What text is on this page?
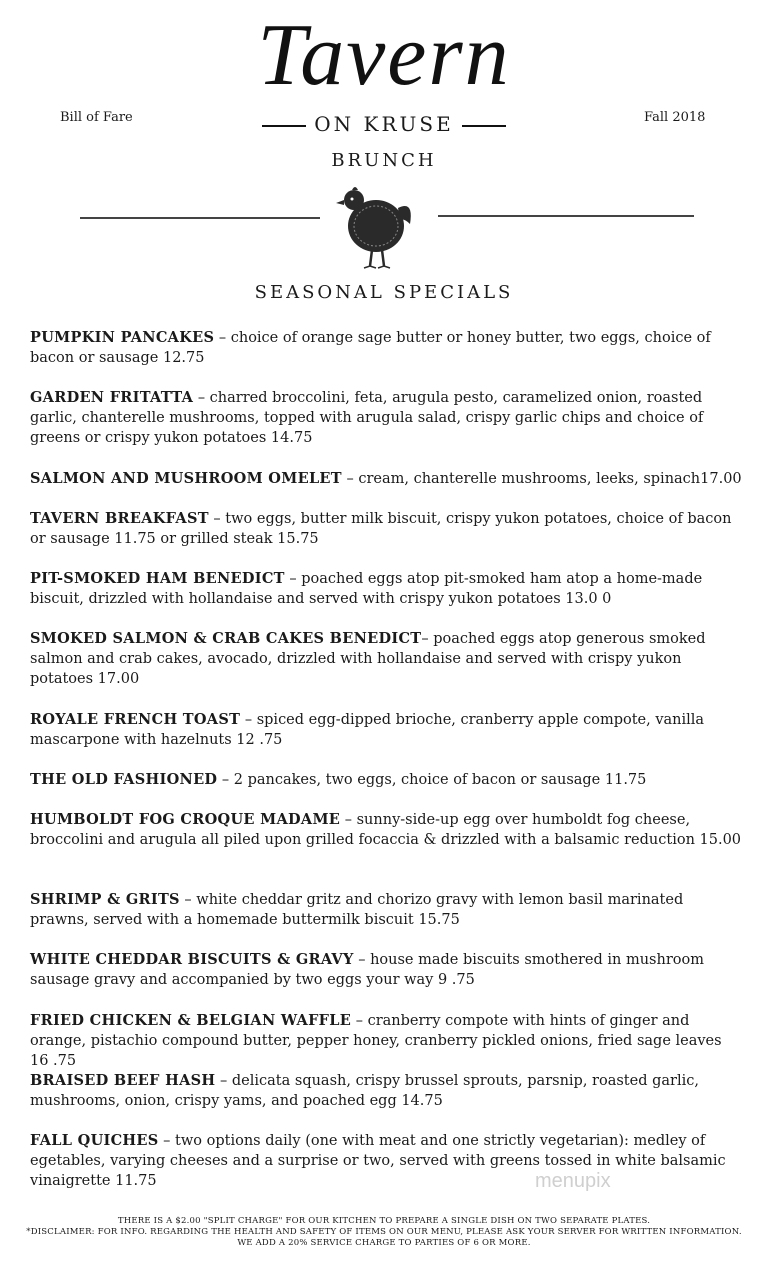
Tavern
ON KRUSE
Bill of Fare	Fall 2018
BRUNCH
SEASONAL SPECIALS
PUMPKIN PANCAKES – choice of orange sage butter or honey butter, two eggs, choice of bacon or sausage 12.75
GARDEN FRITATTA – charred broccolini, feta, arugula pesto, caramelized onion, roasted garlic, chanterelle mushrooms, topped with arugula salad, crispy garlic chips and choice of greens or crispy yukon potatoes 14.75
SALMON AND MUSHROOM OMELET – cream, chanterelle mushrooms, leeks, spinach17.00
TAVERN BREAKFAST – two eggs, butter milk biscuit, crispy yukon potatoes, choice of bacon or sausage 11.75 or grilled steak 15.75
PIT-SMOKED HAM BENEDICT – poached eggs atop pit-smoked ham atop a home-made biscuit, drizzled with hollandaise and served with crispy yukon potatoes 13.0 0
SMOKED SALMON & CRAB CAKES BENEDICT– poached eggs atop generous smoked salmon and crab cakes, avocado, drizzled with hollandaise and served with crispy yukon potatoes 17.00
ROYALE FRENCH TOAST – spiced egg-dipped brioche, cranberry apple compote, vanilla mascarpone with hazelnuts 12 .75
THE OLD FASHIONED – 2 pancakes, two eggs, choice of bacon or sausage 11.75
HUMBOLDT FOG CROQUE MADAME – sunny-side-up egg over humboldt fog cheese, broccolini and arugula all piled upon grilled focaccia & drizzled with a balsamic reduction 15.00
SHRIMP & GRITS – white cheddar gritz and chorizo gravy with lemon basil marinated prawns, served with a homemade buttermilk biscuit 15.75
WHITE CHEDDAR BISCUITS & GRAVY – house made biscuits smothered in mushroom sausage gravy and accompanied by two eggs your way 9 .75
FRIED CHICKEN & BELGIAN WAFFLE – cranberry compote with hints of ginger and orange, pistachio compound butter, pepper honey, cranberry pickled onions, fried sage leaves 16 .75
BRAISED BEEF HASH – delicata squash, crispy brussel sprouts, parsnip, roasted garlic, mushrooms, onion, crispy yams, and poached egg 14.75
FALL QUICHES – two options daily (one with meat and one strictly vegetarian): medley of egetables, varying cheeses and a surprise or two, served with greens tossed in white balsamic vinaigrette 11.75	menupix
THERE IS A $2.00 "SPLIT CHARGE" FOR OUR KITCHEN TO PREPARE A SINGLE DISH ON TWO SEPARATE PLATES.
*DISCLAIMER: FOR INFO. REGARDING THE HEALTH AND SAFETY OF ITEMS ON OUR MENU, PLEASE ASK YOUR SERVER FOR WRITTEN INFORMATION.
WE ADD A 20% SERVICE CHARGE TO PARTIES OF 6 OR MORE.
